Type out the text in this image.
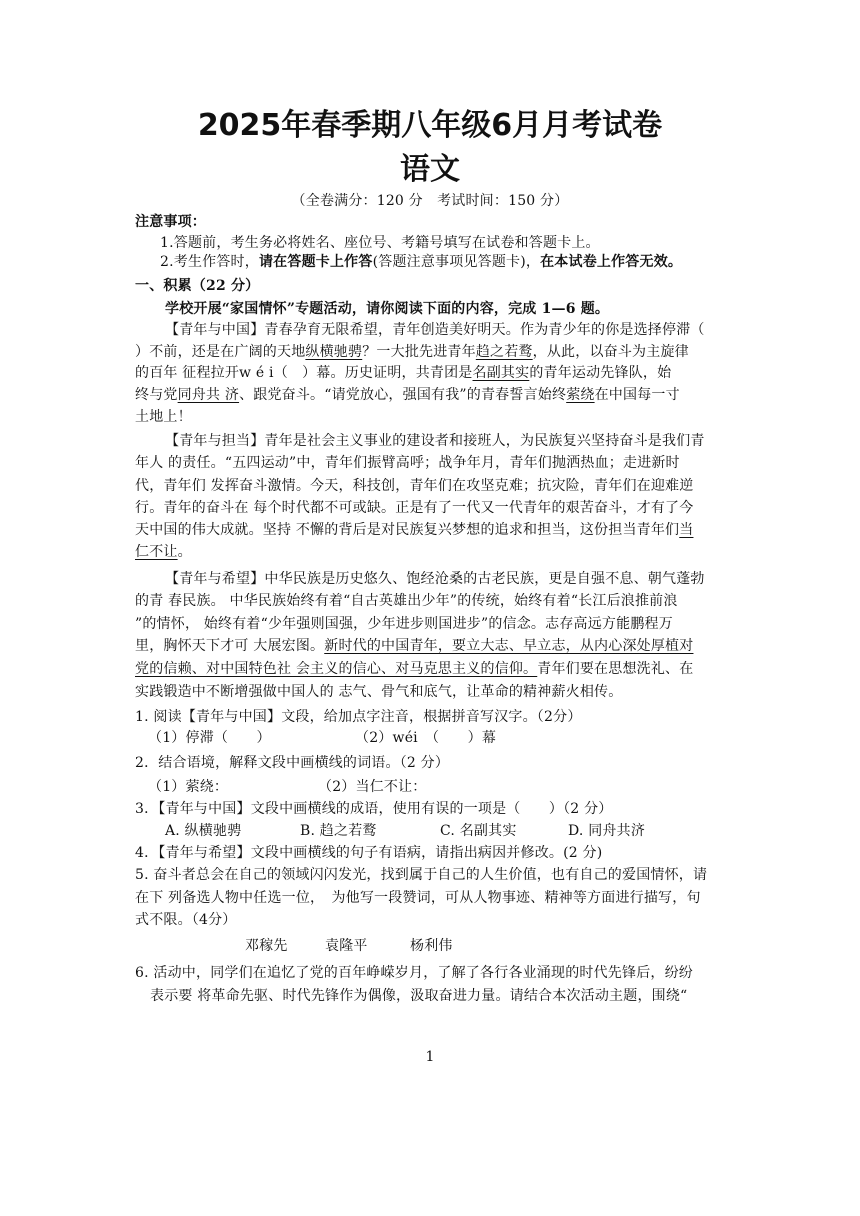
2025年春季期八年级6月月考试卷
语文
（全卷满分：120 分　考试时间：150 分）
注意事项：
1.答题前，考生务必将姓名、座位号、考籍号填写在试卷和答题卡上。
2.考生作答时，请在答题卡上作答(答题注意事项见答题卡)，在本试卷上作答无效。
一、积累（22 分）
学校开展“家国情怀”专题活动，请你阅读下面的内容，完成 1—6 题。
【青年与中国】青春孕育无限希望，青年创造美好明天。作为青少年的你是选择停滞（
）不前，还是在广阔的天地纵横驰骋？一大批先进青年趋之若鹜，从此，以奋斗为主旋律
的百年 征程拉开w é i（　）幕。历史证明，共青团是名副其实的青年运动先锋队，始
终与党同舟共 济、跟党奋斗。“请党放心，强国有我”的青春誓言始终萦绕在中国每一寸
土地上！
【青年与担当】青年是社会主义事业的建设者和接班人，为民族复兴坚持奋斗是我们青
年人 的责任。“五四运动”中，青年们振臂高呼；战争年月，青年们抛洒热血；走进新时
代，青年们 发挥奋斗激情。今天，科技创，青年们在攻坚克难；抗灾险，青年们在迎难逆
行。青年的奋斗在 每个时代都不可或缺。正是有了一代又一代青年的艰苦奋斗，才有了今
天中国的伟大成就。坚持 不懈的背后是对民族复兴梦想的追求和担当，这份担当青年们当
仁不让。
【青年与希望】中华民族是历史悠久、饱经沧桑的古老民族，更是自强不息、朝气蓬勃
的青 春民族。 中华民族始终有着“自古英雄出少年”的传统，始终有着“长江后浪推前浪
”的情怀， 始终有着“少年强则国强，少年进步则国进步”的信念。志存高远方能鹏程万
里，胸怀天下才可 大展宏图。新时代的中国青年，要立大志、早立志，从内心深处厚植对
党的信赖、对中国特色社 会主义的信心、对马克思主义的信仰。青年们要在思想洗礼、在
实践锻造中不断增强做中国人的 志气、骨气和底气，让革命的精神薪火相传。
1. 阅读【青年与中国】文段，给加点字注音，根据拼音写汉字。（2分）
（1）停滞（　　）	（2）wéi　（　　）幕
2．结合语境，解释文段中画横线的词语。（2 分）
（1）萦绕：	（2）当仁不让：
3．【青年与中国】文段中画横线的成语，使用有误的一项是（　　）（2 分）
A. 纵横驰骋	B. 趋之若鹜	C. 名副其实	D. 同舟共济
4．【青年与希望】文段中画横线的句子有语病，请指出病因并修改。(2 分)
5. 奋斗者总会在自己的领域闪闪发光，找到属于自己的人生价值，也有自己的爱国情怀，请
在下 列备选人物中任选一位，　为他写一段赞词，可从人物事迹、精神等方面进行描写，句
式不限。（4分）
邓稼先	袁隆平	杨利伟
6. 活动中，同学们在追忆了党的百年峥嵘岁月，了解了各行各业涌现的时代先锋后，纷纷
表示要 将革命先驱、时代先锋作为偶像，汲取奋进力量。请结合本次活动主题，围绕“
1
